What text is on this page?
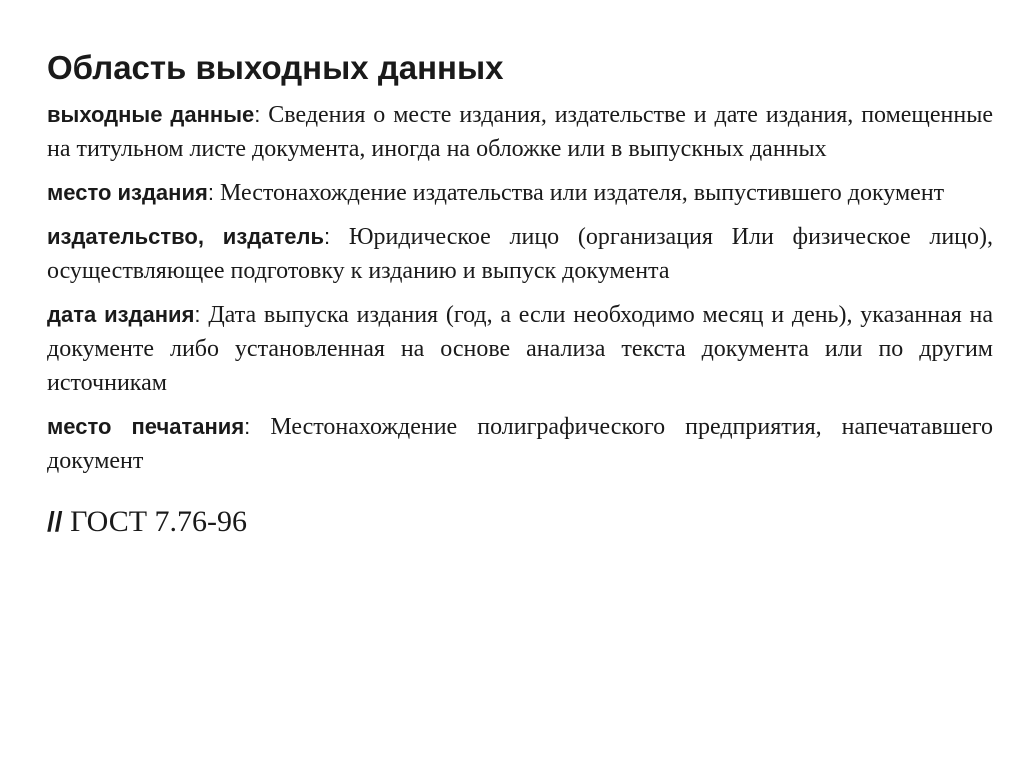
Область выходных данных

выходные данные: Сведения о месте издания, издательстве и дате издания, помещенные на титульном листе документа, иногда на обложке или в выпускных данных

место издания: Местонахождение издательства или издателя, выпустившего документ

издательство, издатель: Юридическое лицо (организация Или физическое лицо), осуществляющее подготовку к изданию и выпуск документа

дата издания: Дата выпуска издания (год, а если необходимо месяц и день), указанная на документе либо установленная на основе анализа текста документа или по другим источникам

место печатания: Местонахождение полиграфического предприятия, напечатавшего документ

// ГОСТ 7.76-96
